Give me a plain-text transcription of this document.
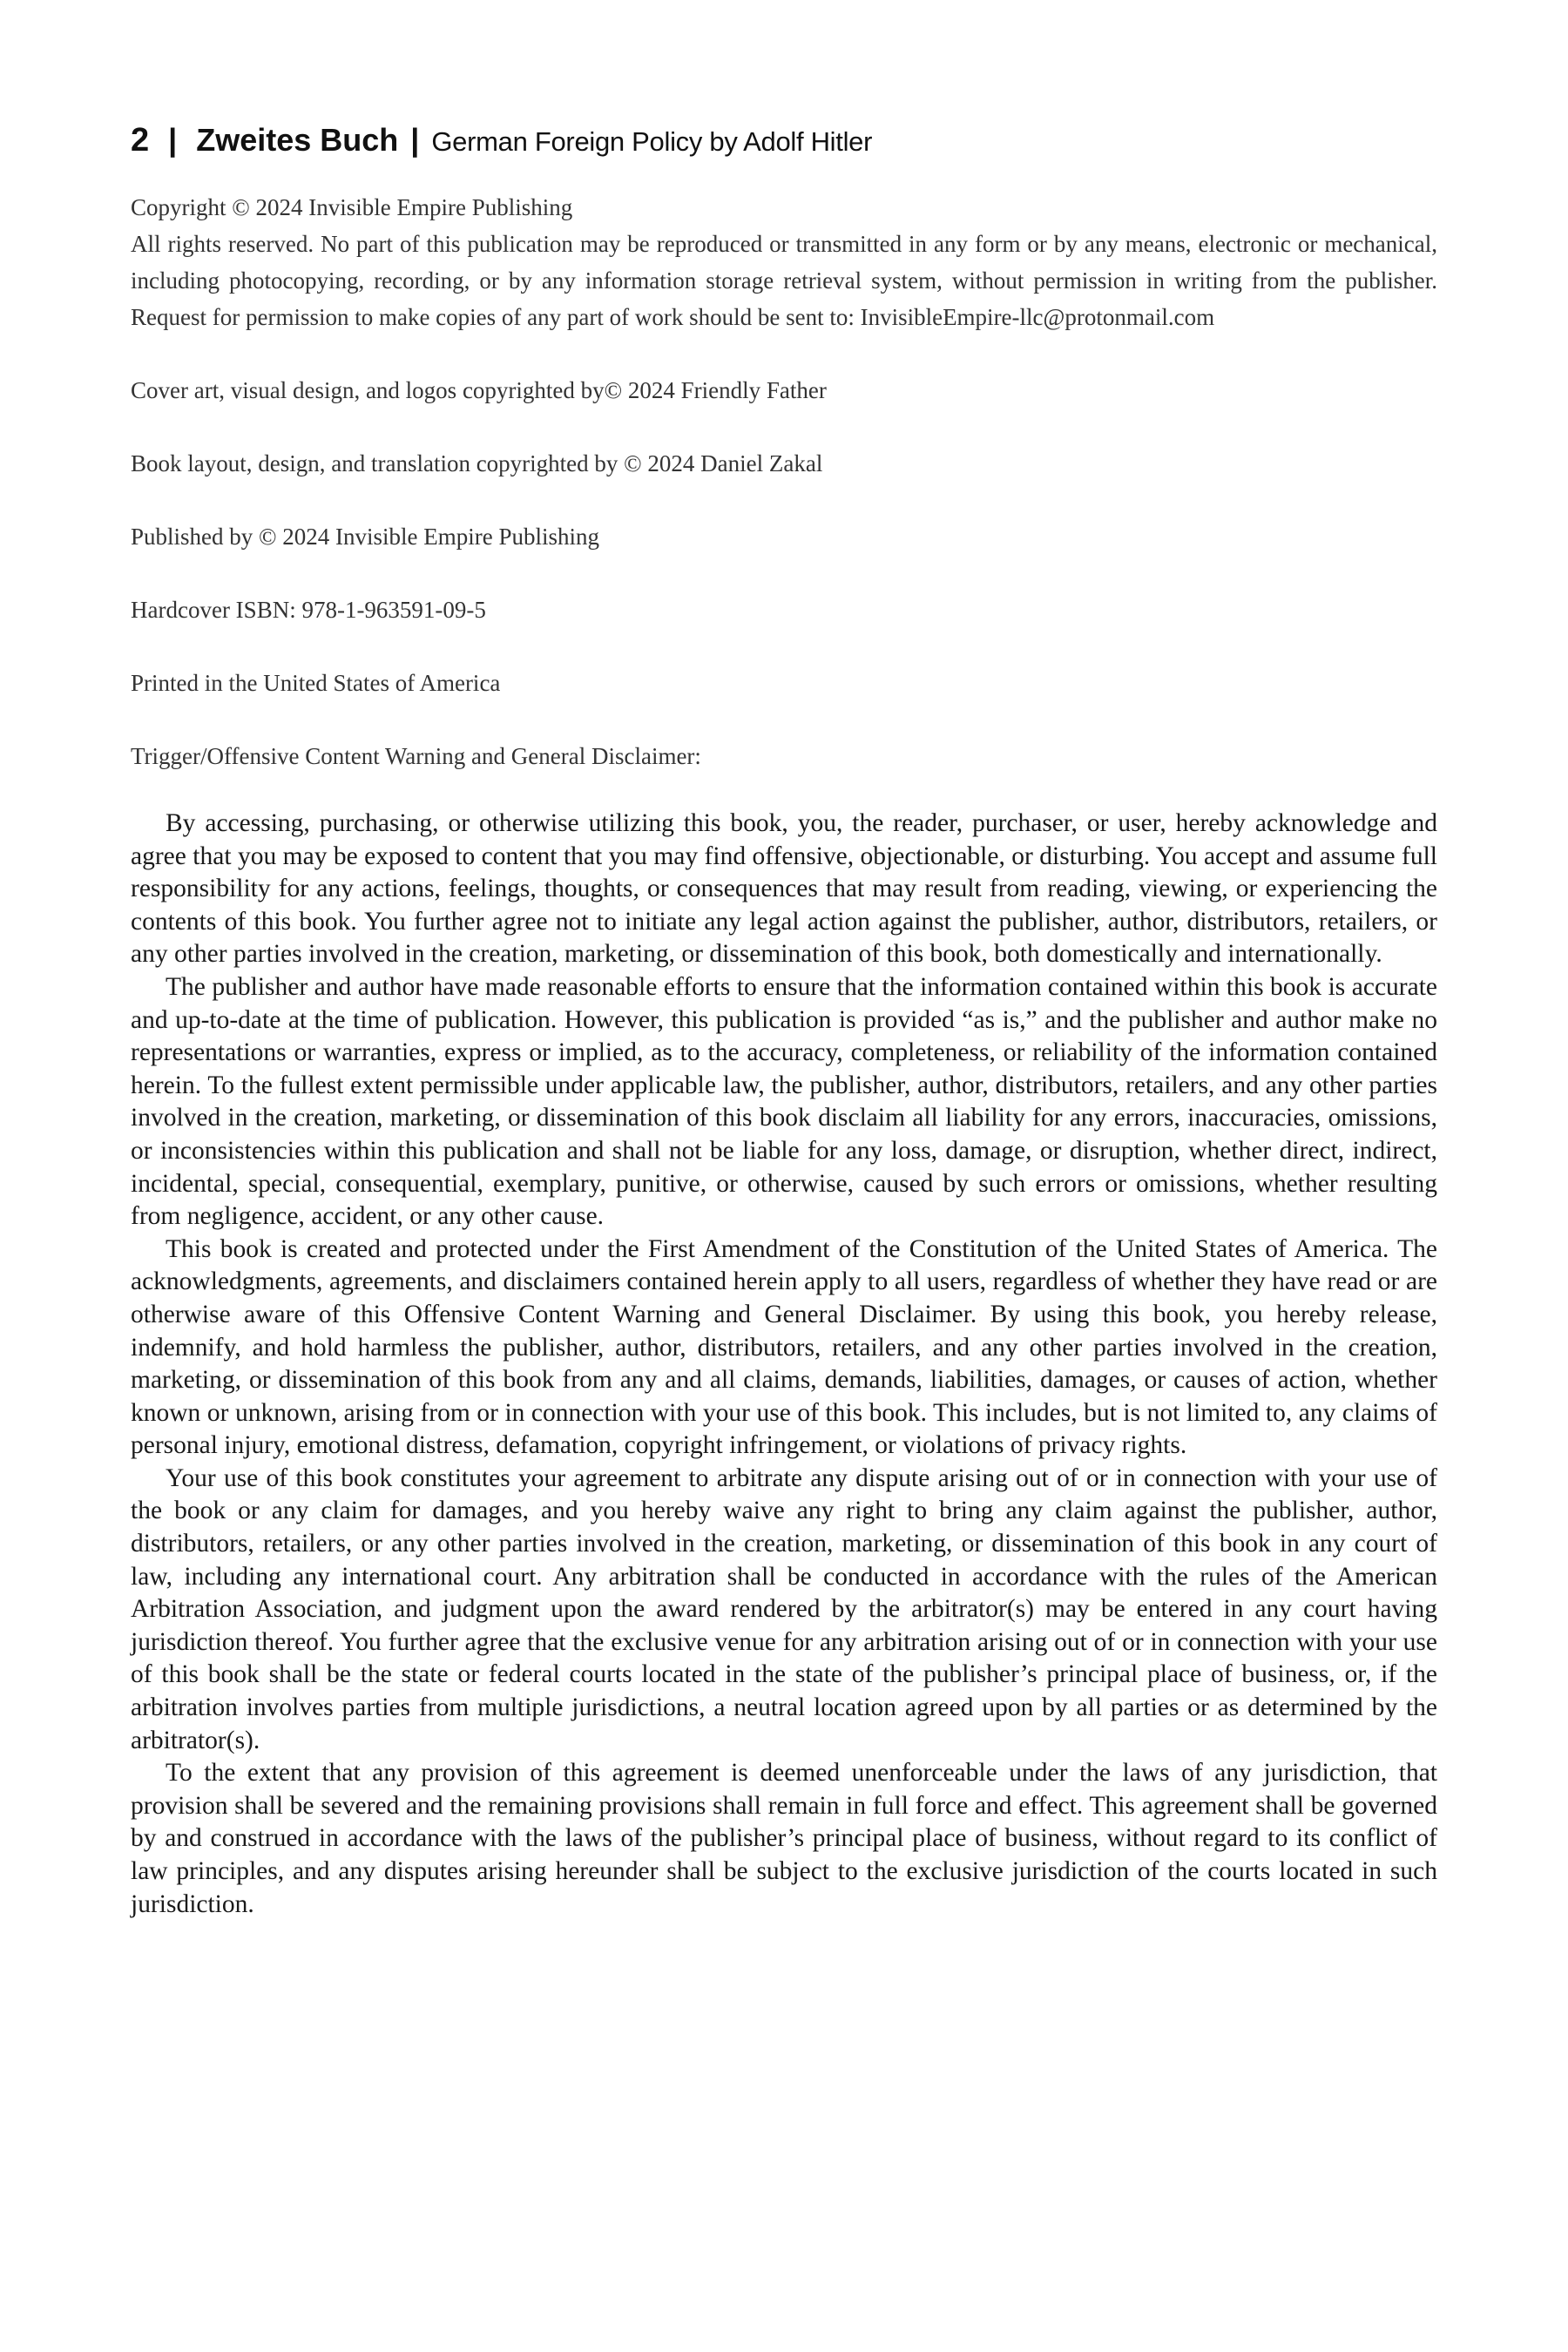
2 | Zweites Buch | German Foreign Policy by Adolf Hitler
Copyright © 2024 Invisible Empire Publishing
All rights reserved. No part of this publication may be reproduced or transmitted in any form or by any means, electronic or mechanical, including photocopying, recording, or by any information storage retrieval system, without permission in writing from the publisher. Request for permission to make copies of any part of work should be sent to: InvisibleEmpire-llc@protonmail.com
Cover art, visual design, and logos copyrighted by© 2024 Friendly Father
Book layout, design, and translation copyrighted by © 2024 Daniel Zakal
Published by © 2024 Invisible Empire Publishing
Hardcover ISBN: 978-1-963591-09-5
Printed in the United States of America
Trigger/Offensive Content Warning and General Disclaimer:

By accessing, purchasing, or otherwise utilizing this book, you, the reader, purchaser, or user, hereby acknowledge and agree that you may be exposed to content that you may find offensive, objectionable, or disturbing. You accept and assume full responsibility for any actions, feelings, thoughts, or consequences that may result from reading, viewing, or experiencing the contents of this book. You further agree not to initiate any legal action against the publisher, author, distributors, retailers, or any other parties involved in the creation, marketing, or dissemination of this book, both domestically and internationally.

The publisher and author have made reasonable efforts to ensure that the information contained within this book is accurate and up-to-date at the time of publication. However, this publication is provided “as is,” and the publisher and author make no representations or warranties, express or implied, as to the accuracy, completeness, or reliability of the information contained herein. To the fullest extent permissible under applicable law, the publisher, author, distributors, retailers, and any other parties involved in the creation, marketing, or dissemination of this book disclaim all liability for any errors, inaccuracies, omissions, or inconsistencies within this publication and shall not be liable for any loss, damage, or disruption, whether direct, indirect, incidental, special, consequential, exemplary, punitive, or otherwise, caused by such errors or omissions, whether resulting from negligence, accident, or any other cause.

This book is created and protected under the First Amendment of the Constitution of the United States of America. The acknowledgments, agreements, and disclaimers contained herein apply to all users, regardless of whether they have read or are otherwise aware of this Offensive Content Warning and General Disclaimer. By using this book, you hereby release, indemnify, and hold harmless the publisher, author, distributors, retailers, and any other parties involved in the creation, marketing, or dissemination of this book from any and all claims, demands, liabilities, damages, or causes of action, whether known or unknown, arising from or in connection with your use of this book. This includes, but is not limited to, any claims of personal injury, emotional distress, defamation, copyright infringement, or violations of privacy rights.

Your use of this book constitutes your agreement to arbitrate any dispute arising out of or in connection with your use of the book or any claim for damages, and you hereby waive any right to bring any claim against the publisher, author, distributors, retailers, or any other parties involved in the creation, marketing, or dissemination of this book in any court of law, including any international court. Any arbitration shall be conducted in accordance with the rules of the American Arbitration Association, and judgment upon the award rendered by the arbitrator(s) may be entered in any court having jurisdiction thereof. You further agree that the exclusive venue for any arbitration arising out of or in connection with your use of this book shall be the state or federal courts located in the state of the publisher’s principal place of business, or, if the arbitration involves parties from multiple jurisdictions, a neutral location agreed upon by all parties or as determined by the arbitrator(s).

To the extent that any provision of this agreement is deemed unenforceable under the laws of any jurisdiction, that provision shall be severed and the remaining provisions shall remain in full force and effect. This agreement shall be governed by and construed in accordance with the laws of the publisher’s principal place of business, without regard to its conflict of law principles, and any disputes arising hereunder shall be subject to the exclusive jurisdiction of the courts located in such jurisdiction.
